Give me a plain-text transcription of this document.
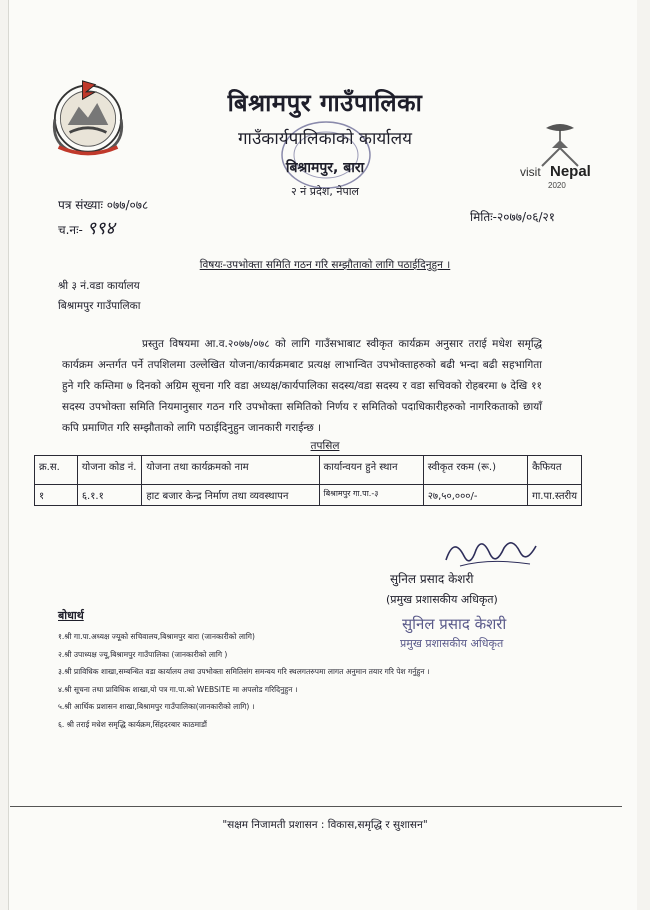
visit Nepal
2020
बिश्रामपुर गाउँपालिका
गाउँकार्यपालिकाको कार्यालय
बिश्रामपुर, बारा
२ नं प्रदेश, नेपाल
पत्र संख्याः ०७७/०७८
च.नः- ९९४
मितिः-२०७७/०६/२१
विषयः-उपभोक्ता समिति गठन गरि सम्झौताको लागि पठाईदिनुहुन ।
श्री ३ नं.वडा कार्यालय
बिश्रामपुर गाउँपालिका
प्रस्तुत विषयमा आ.व.२०७७/०७८ को लागि गाउँसभाबाट स्वीकृत कार्यक्रम अनुसार तराई मधेश समृद्धि कार्यक्रम अन्तर्गत पर्ने तपशिलमा उल्लेखित योजना/कार्यक्रमबाट प्रत्यक्ष लाभान्वित उपभोक्ताहरुको बढी भन्दा बढी सहभागिता हुने गरि कम्तिमा ७ दिनको अग्रिम सूचना गरि वडा अध्यक्ष/कार्यपालिका सदस्य/वडा सदस्य र वडा सचिवको रोहबरमा ७ देखि ११ सदस्य उपभोक्ता समिति नियमानुसार गठन गरि उपभोक्ता समितिको निर्णय र समितिको पदाधिकारीहरुको नागरिकताको छायाँ कपि प्रमाणित गरि सम्झौताको लागि पठाईदिनुहुन जानकारी गराईन्छ ।
तपसिल
क्र.स.	योजना कोड नं.	योजना तथा कार्यक्रमको नाम	कार्यान्वयन हुने स्थान	स्वीकृत रकम (रू.)	कैफियत
१	६.१.१	हाट बजार केन्द्र निर्माण तथा व्यवस्थापन	बिश्रामपुर गा.पा.-३	२७,५०,०००/-	गा.पा.स्तरीय
सुनिल प्रसाद केशरी
(प्रमुख प्रशासकीय अधिकृत)
सुनिल प्रसाद केशरी
प्रमुख प्रशासकीय अधिकृत
बोधार्थ
१.श्री गा.पा.अध्यक्ष ज्यूको सचिवालय,बिश्रामपुर बारा (जानकारीको लागि)
२.श्री उपाध्यक्ष ज्यू,बिश्रामपुर गाउँपालिका (जानकारीको लागि )
३.श्री प्राविधिक शाखा,सम्बन्धित वडा कार्यालय तथा उपभोक्ता समितिसंग समन्वय गरि स्थलगतरुपमा लागत अनुमान तयार गरि पेश गर्नुहुन ।
४.श्री सूचना तथा प्राविधिक शाखा,यो पत्र गा.पा.को WEBSITE मा अपलोड गरिदिनुहुन ।
५.श्री आर्थिक प्रशासन शाखा,बिश्रामपुर गाउँपालिका(जानकारीको लागि) ।
६. श्री तराई मधेश समृद्धि कार्यक्रम,सिंहदरबार काठमाडौं
"सक्षम निजामती प्रशासन : विकास,समृद्धि र सुशासन"
